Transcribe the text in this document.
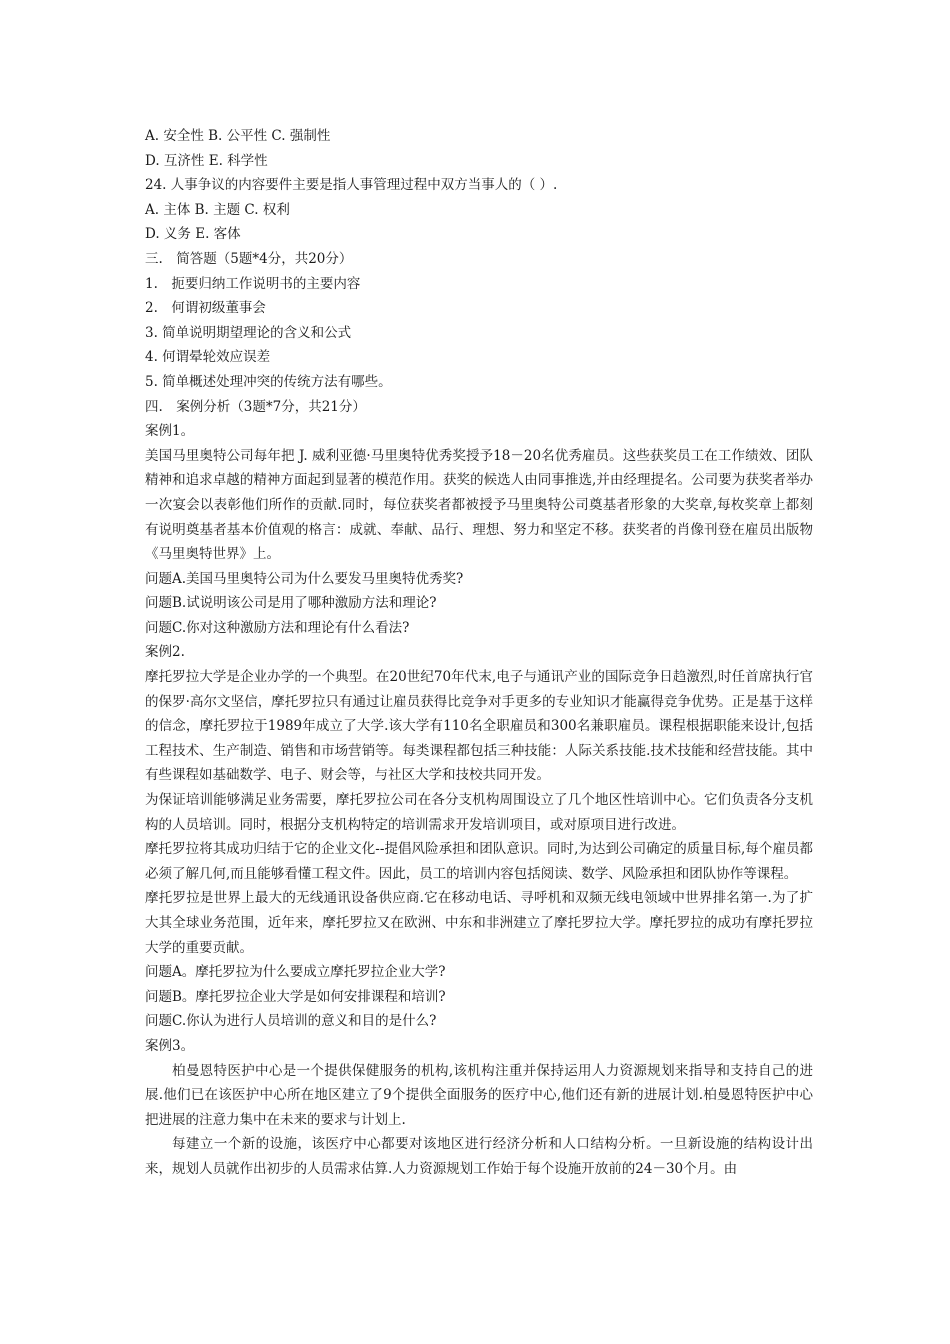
A. 安全性 B. 公平性 C. 强制性

D. 互济性 E. 科学性

24. 人事争议的内容要件主要是指人事管理过程中双方当事人的（ ）.

A. 主体 B. 主题 C. 权利

D. 义务 E. 客体

三.　简答题（5题*4分，共20分）

1.　扼要归纳工作说明书的主要内容

2.　何谓初级董事会

3. 简单说明期望理论的含义和公式

4. 何谓晕轮效应误差

5. 简单概述处理冲突的传统方法有哪些。

四.　案例分析（3题*7分，共21分）

案例1。

美国马里奥特公司每年把 J. 威利亚德·马里奥特优秀奖授予18－20名优秀雇员。这些获奖员工在工作绩效、团队精神和追求卓越的精神方面起到显著的模范作用。获奖的候选人由同事推选,并由经理提名。公司要为获奖者举办一次宴会以表彰他们所作的贡献.同时，每位获奖者都被授予马里奥特公司奠基者形象的大奖章,每枚奖章上都刻有说明奠基者基本价值观的格言：成就、奉献、品行、理想、努力和坚定不移。获奖者的肖像刊登在雇员出版物《马里奥特世界》上。

问题A.美国马里奥特公司为什么要发马里奥特优秀奖?

问题B.试说明该公司是用了哪种激励方法和理论?

问题C.你对这种激励方法和理论有什么看法?

案例2.

摩托罗拉大学是企业办学的一个典型。在20世纪70年代末,电子与通讯产业的国际竞争日趋激烈,时任首席执行官的保罗·高尔文坚信，摩托罗拉只有通过让雇员获得比竞争对手更多的专业知识才能赢得竞争优势。正是基于这样的信念，摩托罗拉于1989年成立了大学.该大学有110名全职雇员和300名兼职雇员。课程根据职能来设计,包括工程技术、生产制造、销售和市场营销等。每类课程都包括三种技能：人际关系技能.技术技能和经营技能。其中有些课程如基础数学、电子、财会等，与社区大学和技校共同开发。

为保证培训能够满足业务需要，摩托罗拉公司在各分支机构周围设立了几个地区性培训中心。它们负责各分支机构的人员培训。同时，根据分支机构特定的培训需求开发培训项目，或对原项目进行改进。

摩托罗拉将其成功归结于它的企业文化--提倡风险承担和团队意识。同时,为达到公司确定的质量目标,每个雇员都必须了解几何,而且能够看懂工程文件。因此，员工的培训内容包括阅读、数学、风险承担和团队协作等课程。

摩托罗拉是世界上最大的无线通讯设备供应商.它在移动电话、寻呼机和双频无线电领域中世界排名第一.为了扩大其全球业务范围，近年来，摩托罗拉又在欧洲、中东和非洲建立了摩托罗拉大学。摩托罗拉的成功有摩托罗拉大学的重要贡献。

问题A。摩托罗拉为什么要成立摩托罗拉企业大学?

问题B。摩托罗拉企业大学是如何安排课程和培训?

问题C.你认为进行人员培训的意义和目的是什么?

案例3。

柏曼恩特医护中心是一个提供保健服务的机构,该机构注重并保持运用人力资源规划来指导和支持自己的进展.他们已在该医护中心所在地区建立了9个提供全面服务的医疗中心,他们还有新的进展计划.柏曼恩特医护中心把进展的注意力集中在未来的要求与计划上.

每建立一个新的设施，该医疗中心都要对该地区进行经济分析和人口结构分析。一旦新设施的结构设计出来，规划人员就作出初步的人员需求估算.人力资源规划工作始于每个设施开放前的24－30个月。由
